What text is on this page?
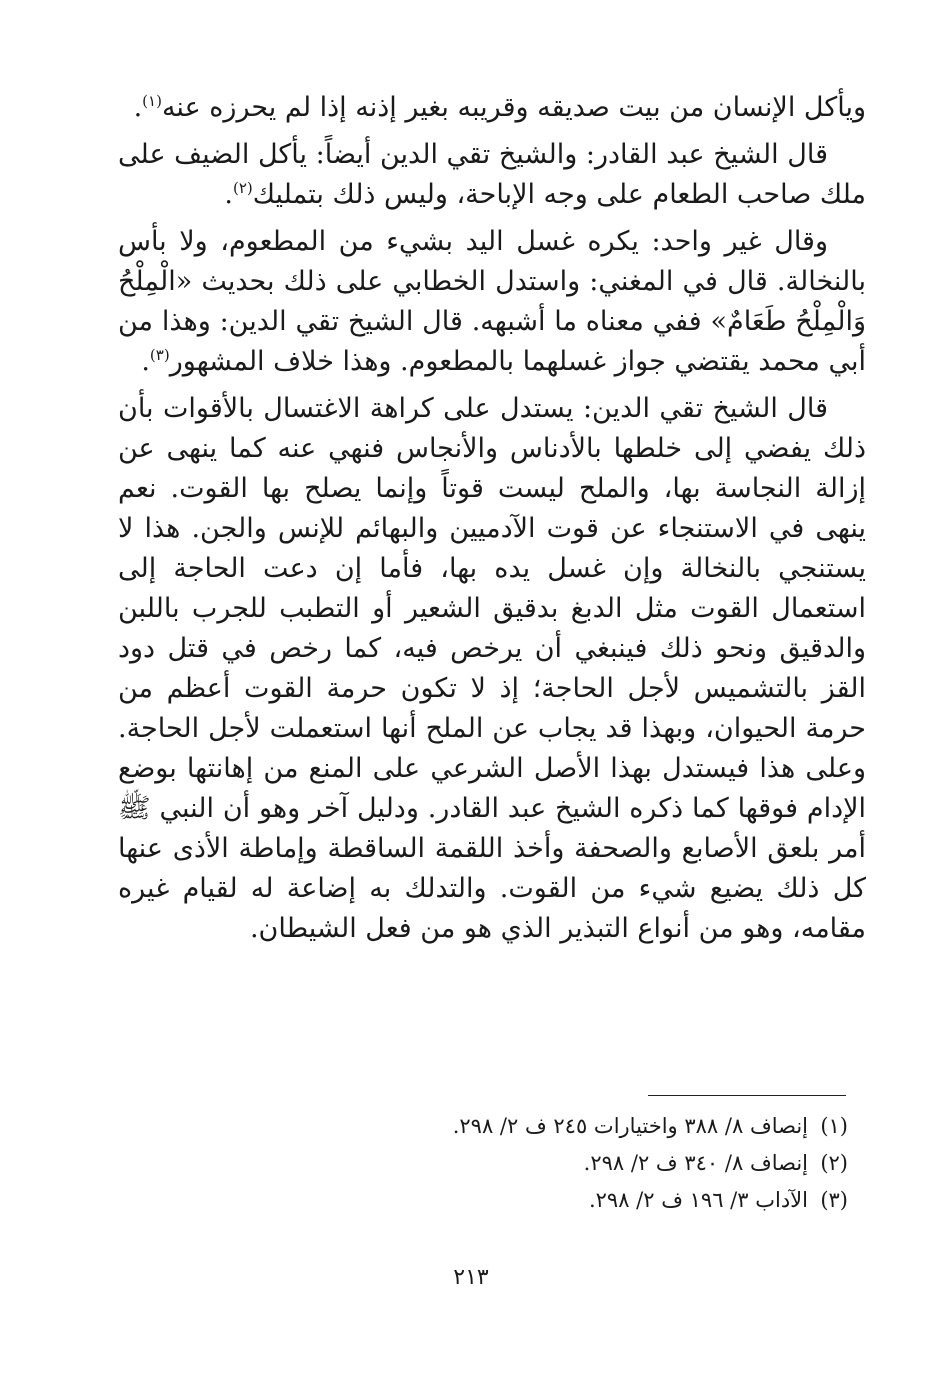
ويأكل الإنسان من بيت صديقه وقريبه بغير إذنه إذا لم يحرزه عنه$^{(١)}$.

قال الشيخ عبد القادر: والشيخ تقي الدين أيضاً: يأكل الضيف على ملك صاحب الطعام على وجه الإباحة، وليس ذلك بتمليك$^{(٢)}$.

وقال غير واحد: يكره غسل اليد بشيء من المطعوم، ولا بأس بالنخالة. قال في المغني: واستدل الخطابي على ذلك بحديث «الْمِلْحُ وَالْمِلْحُ طَعَامٌ» ففي معناه ما أشبهه. قال الشيخ تقي الدين: وهذا من أبي محمد يقتضي جواز غسلهما بالمطعوم. وهذا خلاف المشهور$^{(٣)}$.

قال الشيخ تقي الدين: يستدل على كراهة الاغتسال بالأقوات بأن ذلك يفضي إلى خلطها بالأدناس والأنجاس فنهي عنه كما ينهى عن إزالة النجاسة بها، والملح ليست قوتاً وإنما يصلح بها القوت. نعم ينهى في الاستنجاء عن قوت الآدميين والبهائم للإنس والجن. هذا لا يستنجي بالنخالة وإن غسل يده بها، فأما إن دعت الحاجة إلى استعمال القوت مثل الدبغ بدقيق الشعير أو التطبب للجرب باللبن والدقيق ونحو ذلك فينبغي أن يرخص فيه، كما رخص في قتل دود القز بالتشميس لأجل الحاجة؛ إذ لا تكون حرمة القوت أعظم من حرمة الحيوان، وبهذا قد يجاب عن الملح أنها استعملت لأجل الحاجة. وعلى هذا فيستدل بهذا الأصل الشرعي على المنع من إهانتها بوضع الإدام فوقها كما ذكره الشيخ عبد القادر. ودليل آخر وهو أن النبي ﷺ أمر بلعق الأصابع والصحفة وأخذ اللقمة الساقطة وإماطة الأذى عنها كل ذلك يضيع شيء من القوت. والتدلك به إضاعة له لقيام غيره مقامه، وهو من أنواع التبذير الذي هو من فعل الشيطان.

(١)إنصاف ٨/ ٣٨٨ واختيارات ٢٤٥ ف ٢/ ٢٩٨.

(٢)إنصاف ٨/ ٣٤٠ ف ٢/ ٢٩٨.

(٣)الآداب ٣/ ١٩٦ ف ٢/ ٢٩٨.

٢١٣
